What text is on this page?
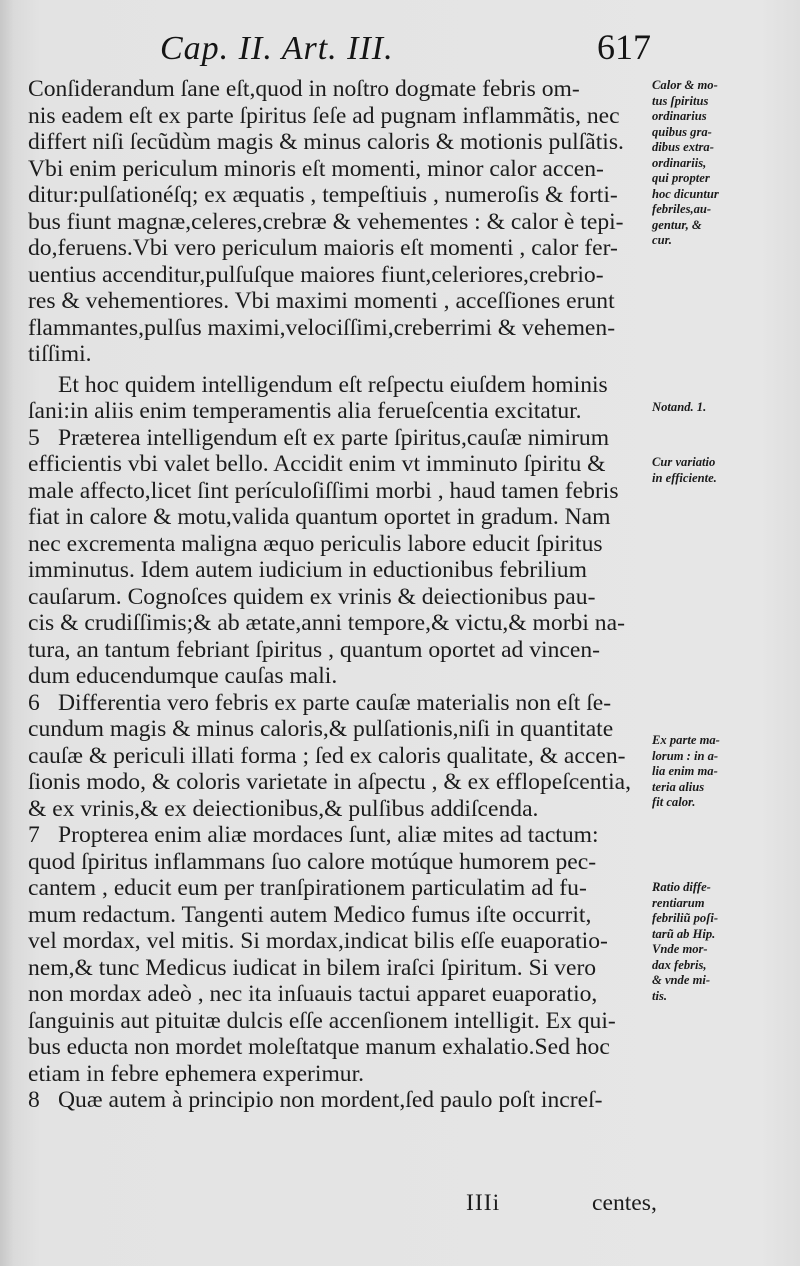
Cap. II. Art. III.	617
Conſiderandum ſane eſt,quod in noſtro dogmate febris om-
nis eadem eſt ex parte ſpiritus ſeſe ad pugnam inflammãtis, nec
differt niſi ſecũdùm magis & minus caloris & motionis pulſãtis.
Vbi enim periculum minoris eſt momenti, minor calor accen-
ditur:pulſationéſq; ex æquatis , tempeſtiuis , numeroſis & forti-
bus fiunt magnæ,celeres,crebræ & vehementes : & calor è tepi-
do,feruens.Vbi vero periculum maioris eſt momenti , calor fer-
uentius accenditur,pulſuſque maiores fiunt,celeriores,crebrio-
res & vehementiores. Vbi maximi momenti , acceſſiones erunt
flammantes,pulſus maximi,velociſſimi,creberrimi & vehemen-
tiſſimi.
Et hoc quidem intelligendum eſt reſpectu eiuſdem hominis
ſani:in aliis enim temperamentis alia ferueſcentia excitatur.
5 Præterea intelligendum eſt ex parte ſpiritus,cauſæ nimirum
efficientis vbi valet bello. Accidit enim vt imminuto ſpiritu &
male affecto,licet ſint perículoſiſſimi morbi , haud tamen febris
fiat in calore & motu,valida quantum oportet in gradum. Nam
nec excrementa maligna æquo periculis labore educit ſpiritus
imminutus. Idem autem iudicium in eductionibus febrilium
cauſarum. Cognoſces quidem ex vrinis & deiectionibus pau-
cis & crudiſſimis;& ab ætate,anni tempore,& victu,& morbi na-
tura, an tantum febriant ſpiritus , quantum oportet ad vincen-
dum educendumque cauſas mali.
6 Differentia vero febris ex parte cauſæ materialis non eſt ſe-
cundum magis & minus caloris,& pulſationis,niſi in quantitate
cauſæ & periculi illati forma ; ſed ex caloris qualitate, & accen-
ſionis modo, & coloris varietate in aſpectu , & ex efflореſcentia,
& ex vrinis,& ex deiectionibus,& pulſibus addiſcenda.
7 Propterea enim aliæ mordaces ſunt, aliæ mites ad tactum:
quod ſpiritus inflammans ſuo calore motúque humorem pec-
cantem , educit eum per tranſpirationem particulatim ad fu-
mum redactum. Tangenti autem Medico fumus iſte occurrit,
vel mordax, vel mitis. Si mordax,indicat bilis eſſe euaporatio-
nem,& tunc Medicus iudicat in bilem iraſci ſpiritum. Si vero
non mordax adeò , nec ita inſuauis tactui apparet euaporatio,
ſanguinis aut pituitæ dulcis eſſe accenſionem intelligit. Ex qui-
bus educta non mordet moleſtatque manum exhalatio.Sed hoc
etiam in febre ephemera experimur.
8 Quæ autem à principio non mordent,ſed paulo poſt increſ-
Calor & mo-
tus ſpiritus
ordinarius
quibus gra-
dibus extra-
ordinariis,
qui propter
hoc dicuntur
febriles,au-
gentur, &
cur.
Notand. 1.
Cur variatio
in efficiente.
Ex parte ma-
lorum : in a-
lia enim ma-
teria alius
fit calor.
Ratio diffe-
rentiarum
febriliũ poſi-
tarũ ab Hip.
Vnde mor-
dax febris,
& vnde mi-
tis.
IIIi	centes,
